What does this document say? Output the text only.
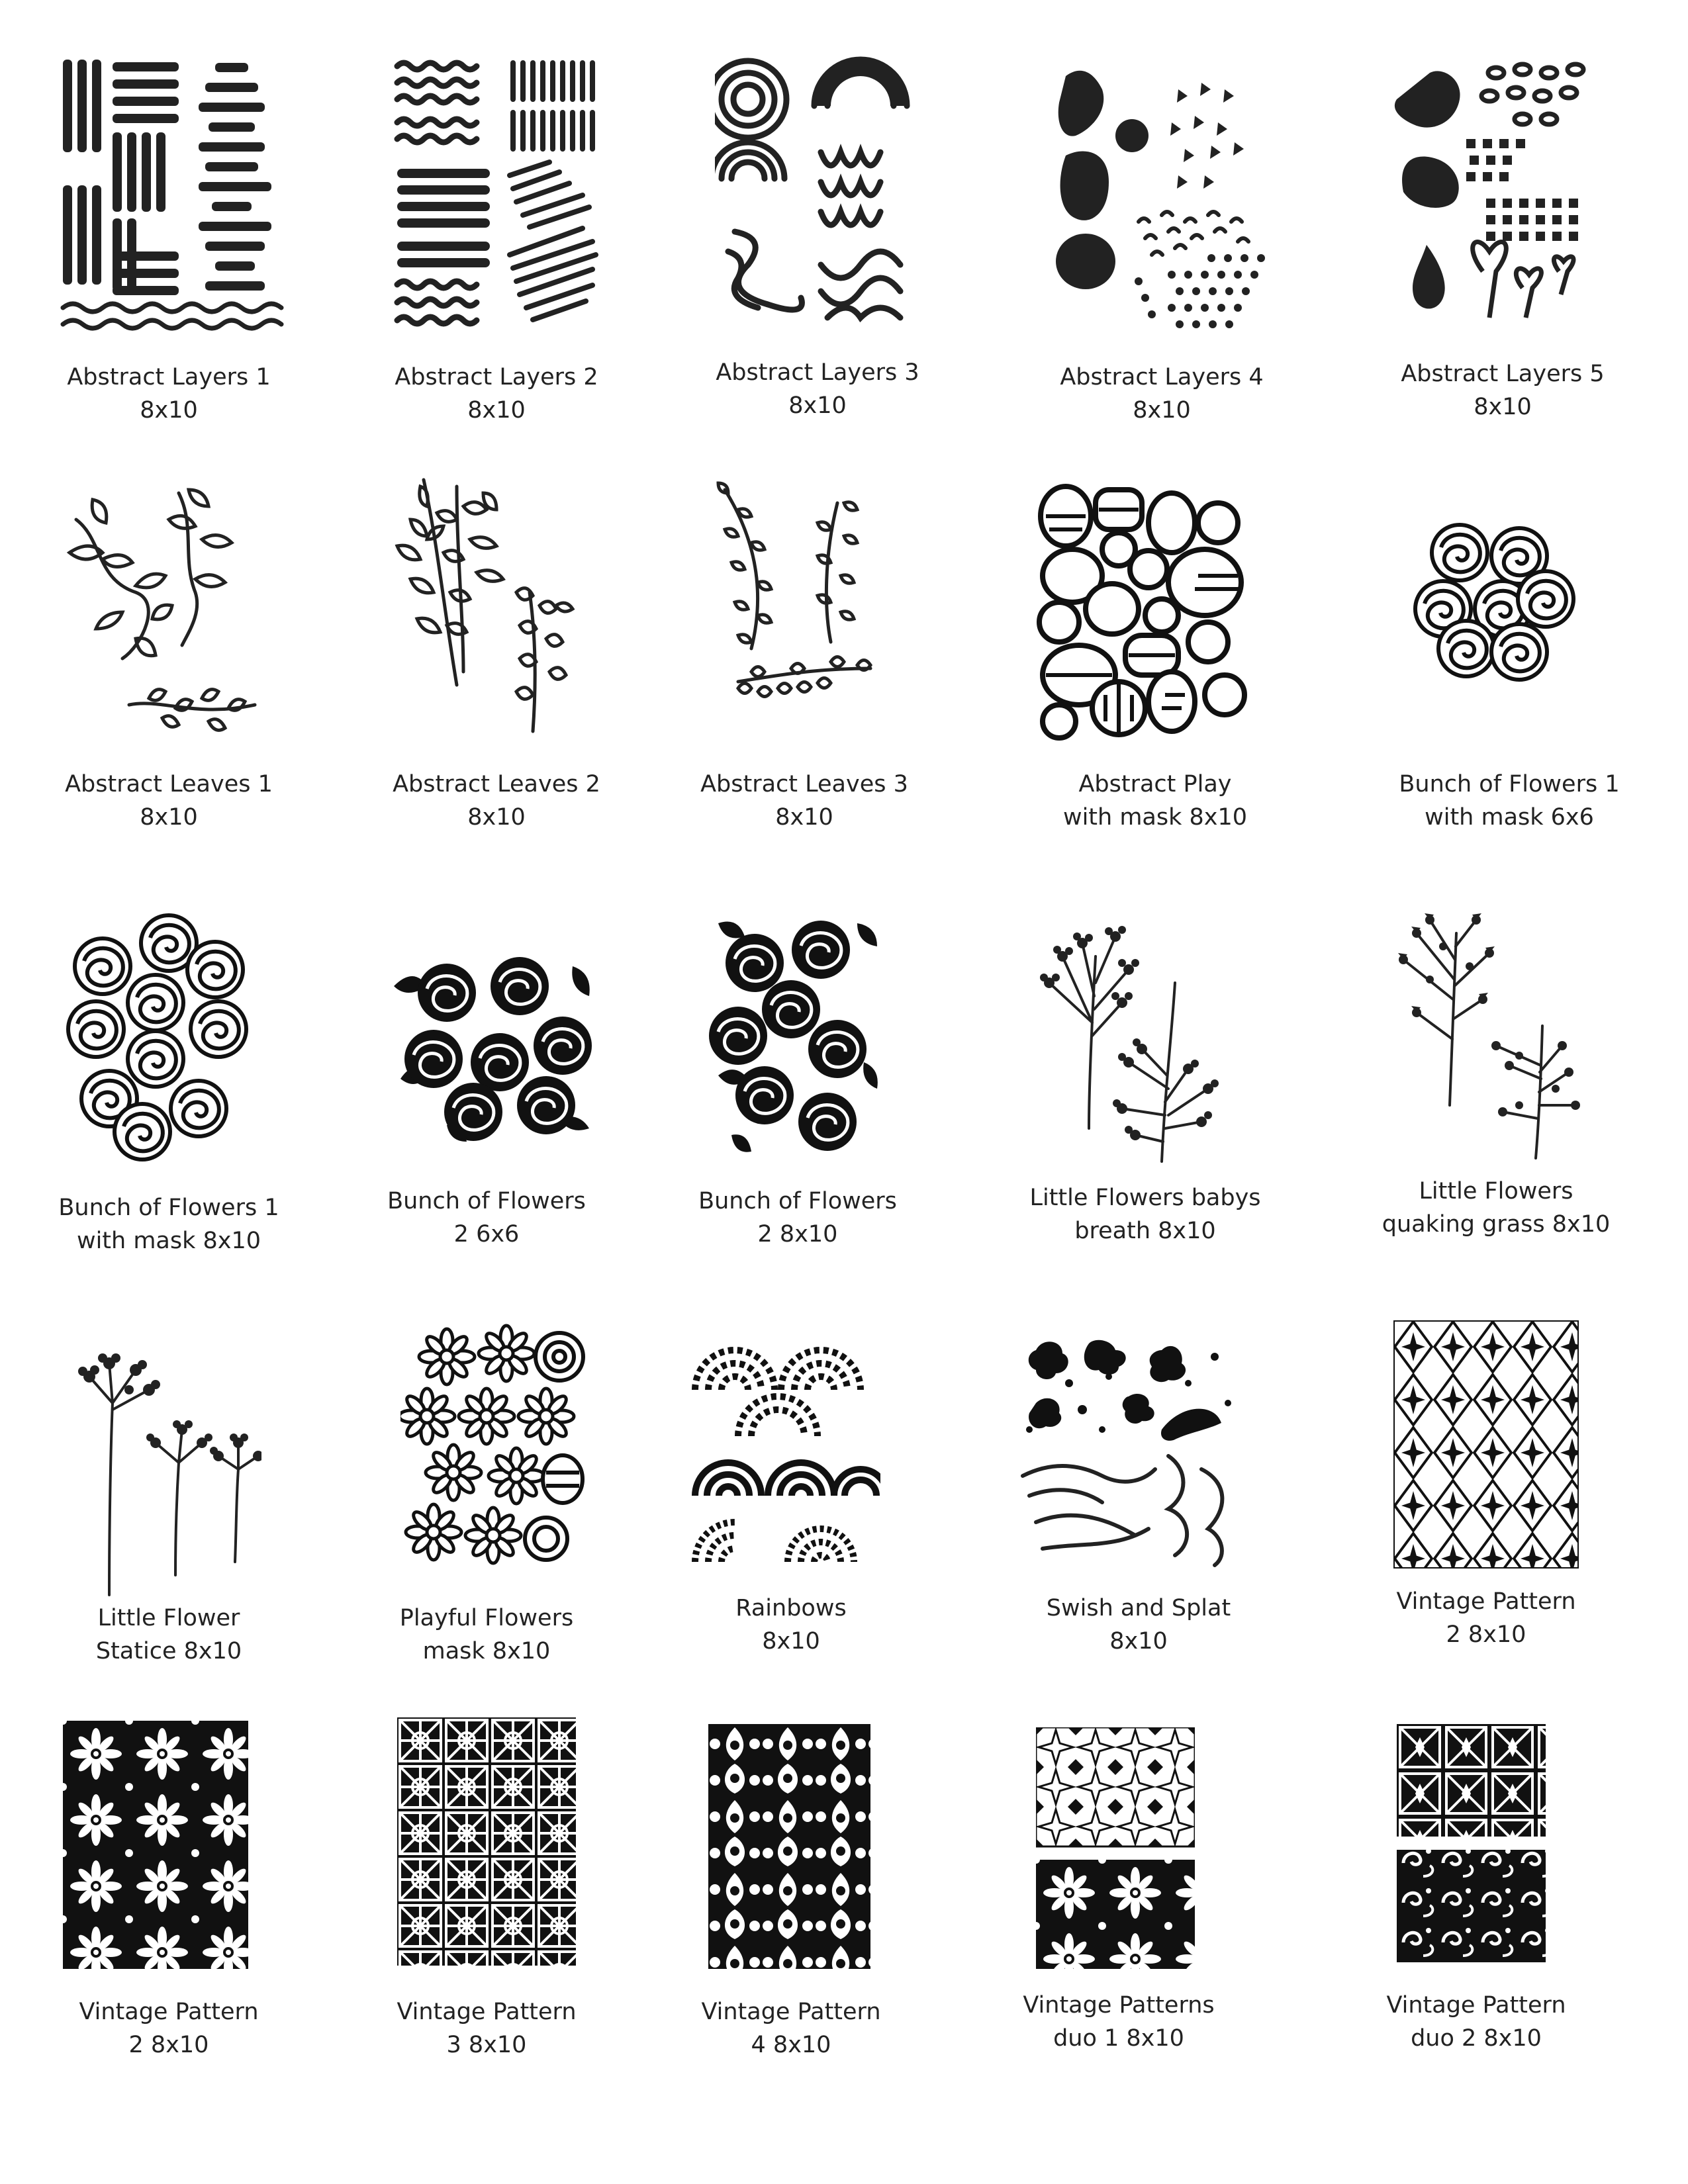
Abstract Layers 1
8x10
Abstract Layers 2
8x10
Abstract Layers 3
8x10
Abstract Layers 4
8x10
Abstract Layers 5
8x10
Abstract Leaves 1
8x10
Abstract Leaves 2
8x10
Abstract Leaves 3
8x10
Abstract Play
with mask 8x10
Bunch of Flowers 1
with mask 6x6
Bunch of Flowers 1
with mask 8x10
Bunch of Flowers
2 6x6
Bunch of Flowers
2 8x10
Little Flowers babys
breath 8x10
Little Flowers
quaking grass 8x10
Little Flower
Statice 8x10
Playful Flowers
mask 8x10
Rainbows
8x10
Swish and Splat
8x10
Vintage Pattern
2 8x10
Vintage Pattern
2 8x10
Vintage Pattern
3 8x10
Vintage Pattern
4 8x10
Vintage Patterns
duo 1 8x10
Vintage Pattern
duo 2 8x10
